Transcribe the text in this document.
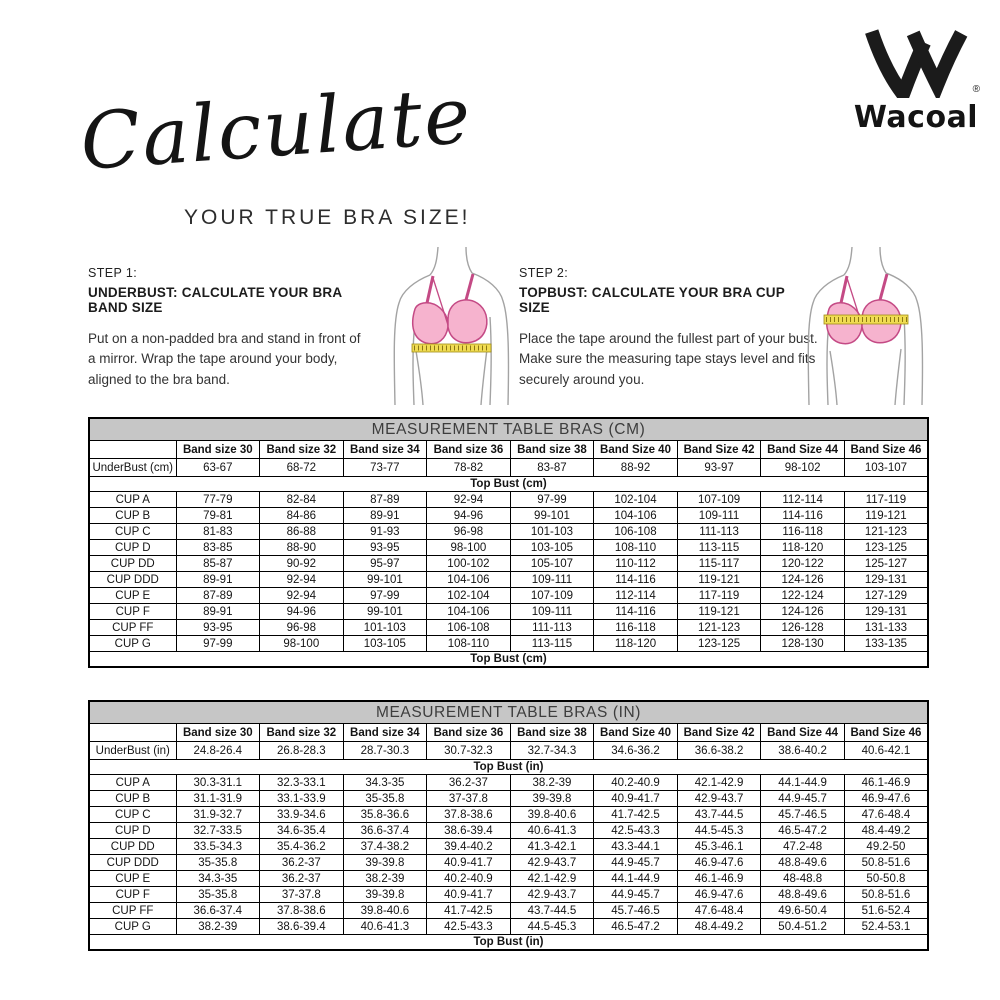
®
Wacoal
Calculate
YOUR TRUE BRA SIZE!
STEP 1:
UNDERBUST: CALCULATE YOUR BRA BAND SIZE

Put on a non-padded bra and stand in front of a mirror. Wrap the tape around your body, aligned to the bra band.

STEP 2:
TOPBUST: CALCULATE YOUR BRA CUP SIZE

Place the tape around the fullest part of your bust. Make sure the measuring tape stays level and fits securely around you.

MEASUREMENT TABLE BRAS (CM)									
	Band size 30	Band size 32	Band size 34	Band size 36	Band size 38	Band Size 40	Band Size 42	Band Size 44	Band Size 46
UnderBust (cm)	63-67	68-72	73-77	78-82	83-87	88-92	93-97	98-102	103-107
Top Bust (cm)									
CUP A	77-79	82-84	87-89	92-94	97-99	102-104	107-109	112-114	117-119
CUP B	79-81	84-86	89-91	94-96	99-101	104-106	109-111	114-116	119-121
CUP C	81-83	86-88	91-93	96-98	101-103	106-108	111-113	116-118	121-123
CUP D	83-85	88-90	93-95	98-100	103-105	108-110	113-115	118-120	123-125
CUP DD	85-87	90-92	95-97	100-102	105-107	110-112	115-117	120-122	125-127
CUP DDD	89-91	92-94	99-101	104-106	109-111	114-116	119-121	124-126	129-131
CUP E	87-89	92-94	97-99	102-104	107-109	112-114	117-119	122-124	127-129
CUP F	89-91	94-96	99-101	104-106	109-111	114-116	119-121	124-126	129-131
CUP FF	93-95	96-98	101-103	106-108	111-113	116-118	121-123	126-128	131-133
CUP G	97-99	98-100	103-105	108-110	113-115	118-120	123-125	128-130	133-135
Top Bust (cm)									
MEASUREMENT TABLE BRAS (IN)									
	Band size 30	Band size 32	Band size 34	Band size 36	Band size 38	Band Size 40	Band Size 42	Band Size 44	Band Size 46
UnderBust (in)	24.8-26.4	26.8-28.3	28.7-30.3	30.7-32.3	32.7-34.3	34.6-36.2	36.6-38.2	38.6-40.2	40.6-42.1
Top Bust (in)									
CUP A	30.3-31.1	32.3-33.1	34.3-35	36.2-37	38.2-39	40.2-40.9	42.1-42.9	44.1-44.9	46.1-46.9
CUP B	31.1-31.9	33.1-33.9	35-35.8	37-37.8	39-39.8	40.9-41.7	42.9-43.7	44.9-45.7	46.9-47.6
CUP C	31.9-32.7	33.9-34.6	35.8-36.6	37.8-38.6	39.8-40.6	41.7-42.5	43.7-44.5	45.7-46.5	47.6-48.4
CUP D	32.7-33.5	34.6-35.4	36.6-37.4	38.6-39.4	40.6-41.3	42.5-43.3	44.5-45.3	46.5-47.2	48.4-49.2
CUP DD	33.5-34.3	35.4-36.2	37.4-38.2	39.4-40.2	41.3-42.1	43.3-44.1	45.3-46.1	47.2-48	49.2-50
CUP DDD	35-35.8	36.2-37	39-39.8	40.9-41.7	42.9-43.7	44.9-45.7	46.9-47.6	48.8-49.6	50.8-51.6
CUP E	34.3-35	36.2-37	38.2-39	40.2-40.9	42.1-42.9	44.1-44.9	46.1-46.9	48-48.8	50-50.8
CUP F	35-35.8	37-37.8	39-39.8	40.9-41.7	42.9-43.7	44.9-45.7	46.9-47.6	48.8-49.6	50.8-51.6
CUP FF	36.6-37.4	37.8-38.6	39.8-40.6	41.7-42.5	43.7-44.5	45.7-46.5	47.6-48.4	49.6-50.4	51.6-52.4
CUP G	38.2-39	38.6-39.4	40.6-41.3	42.5-43.3	44.5-45.3	46.5-47.2	48.4-49.2	50.4-51.2	52.4-53.1
Top Bust (in)									
